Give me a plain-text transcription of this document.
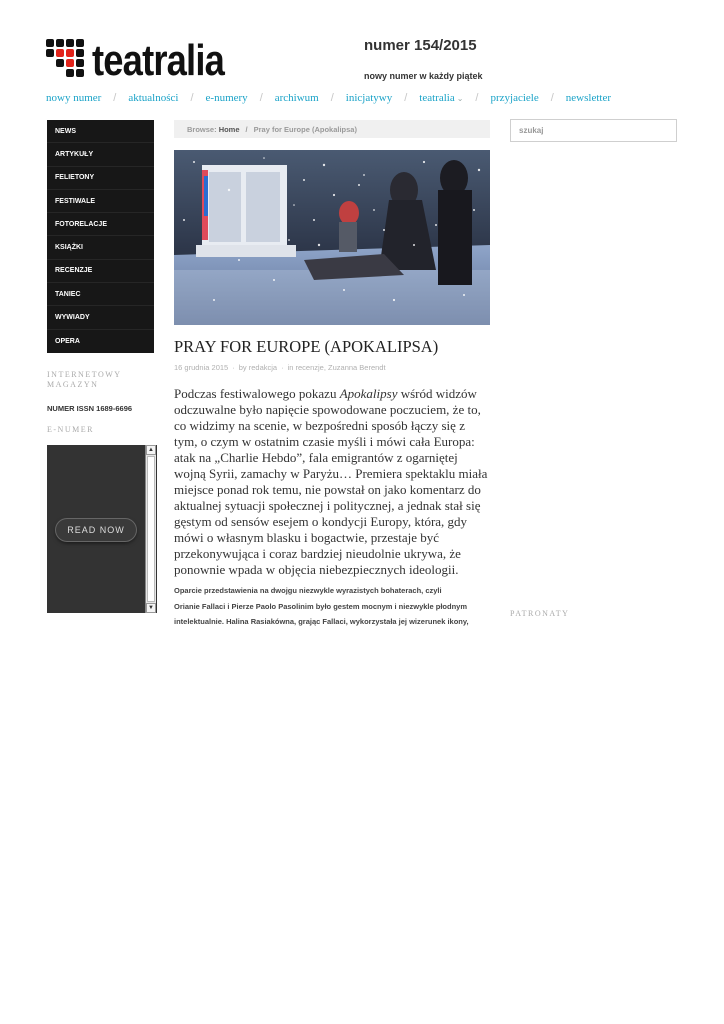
teatralia	numer 154/2015
nowy numer w każdy piątek
nowy numer / aktualności / e-numery / archiwum / inicjatywy / teatralia ⌄ / przyjaciele / newsletter
NEWS
ARTYKUŁY
FELIETONY
FESTIWALE
FOTORELACJE
KSIĄŻKI
RECENZJE
TANIEC
WYWIADY
OPERA
INTERNETOWY MAGAZYN
NUMER ISSN 1689-6696
E-NUMER
READ NOW
▲
▼
Browse:
Home / Pray for Europe (Apokalipsa)
PRAY FOR EUROPE (APOKALIPSA)
16 grudnia 2015 · by redakcja · in recenzje, Zuzanna Berendt

Podczas festiwalowego pokazu Apokalipsy wśród widzów odczuwalne było napięcie spowodowane poczuciem, że to, co widzimy na scenie, w bezpośredni sposób łączy się z tym, o czym w ostatnim czasie myśli i mówi cała Europa: atak na „Charlie Hebdo”, fala emigrantów z ogarniętej wojną Syrii, zamachy w Paryżu… Premiera spektaklu miała miejsce ponad rok temu, nie powstał on jako komentarz do aktualnej sytuacji społecznej i politycznej, a jednak stał się gęstym od sensów esejem o kondycji Europy, która, gdy mówi o własnym blasku i bogactwie, przestaje być przekonywująca i coraz bardziej nieudolnie ukrywa, że ponownie wpada w objęcia niebezpiecznych ideologii.

Oparcie przedstawienia na dwojgu niezwykle wyrazistych bohaterach, czyli
Orianie Fallaci i Pierze Paolo Pasolinim było gestem mocnym i niezwykle płodnym
intelektualnie. Halina Rasiakówna, grając Fallaci, wykorzystała jej wizerunek ikony,
szukaj
PATRONATY
